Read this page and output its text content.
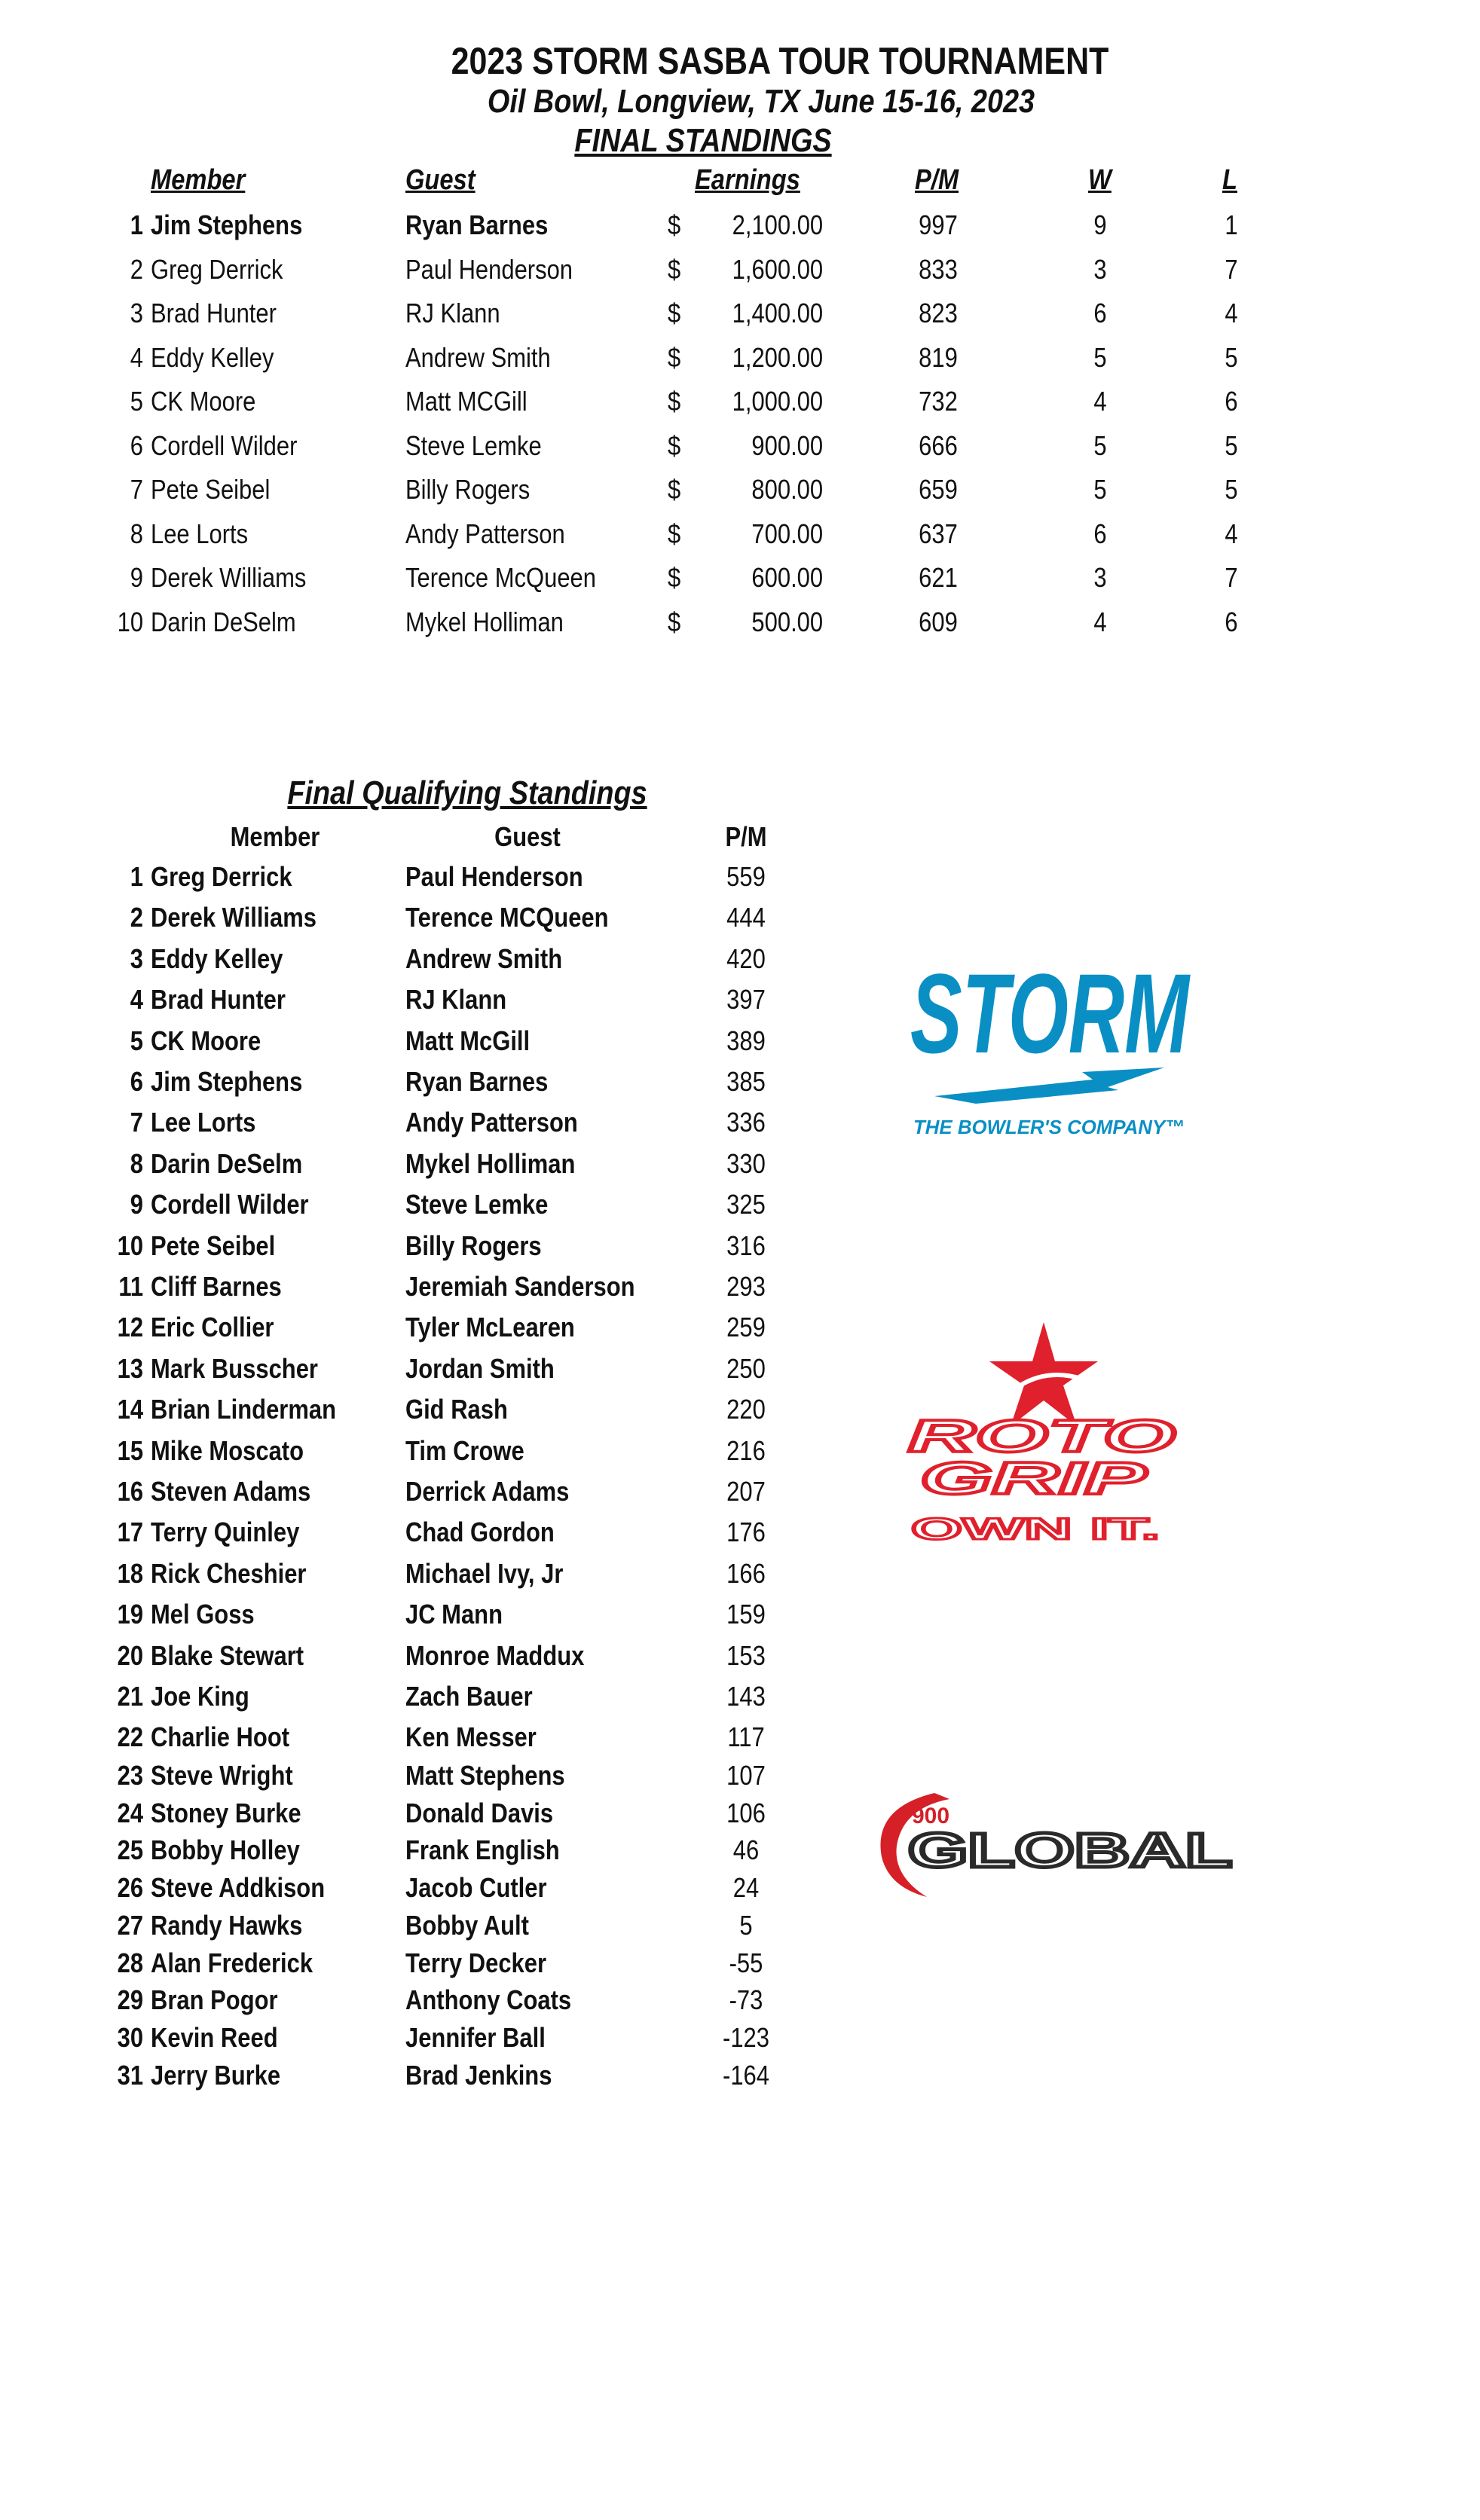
2023 STORM SASBA TOUR TOURNAMENT
Oil Bowl, Longview, TX June 15-16, 2023
FINAL STANDINGS
Member	Guest	Earnings	P/M	W	L
1 Jim Stephens	Ryan Barnes	$ 2,100.00	997	9	1
2 Greg Derrick	Paul Henderson	$ 1,600.00	833	3	7
3 Brad Hunter	RJ Klann	$ 1,400.00	823	6	4
4 Eddy Kelley	Andrew Smith	$ 1,200.00	819	5	5
5 CK Moore	Matt MCGill	$ 1,000.00	732	4	6
6 Cordell Wilder	Steve Lemke	$	900.00	666	5	5
7 Pete Seibel	Billy Rogers	$	800.00	659	5	5
8 Lee Lorts	Andy Patterson	$	700.00	637	6	4
9 Derek Williams	Terence McQueen	$	600.00	621	3	7
10 Darin DeSelm	Mykel Holliman	$	500.00	609	4	6
Final Qualifying Standings
Member	Guest	P/M
1 Greg Derrick	Paul Henderson	559
2 Derek Williams	Terence MCQueen	444
3 Eddy Kelley	Andrew Smith	420
4 Brad Hunter	RJ Klann	397
5 CK Moore	Matt McGill	389
6 Jim Stephens	Ryan Barnes	385
7 Lee Lorts	Andy Patterson	336
8 Darin DeSelm	Mykel Holliman	330
9 Cordell Wilder	Steve Lemke	325
10 Pete Seibel	Billy Rogers	316
11 Cliff Barnes	Jeremiah Sanderson	293
12 Eric Collier	Tyler McLearen	259
13 Mark Busscher	Jordan Smith	250
14 Brian Linderman	Gid Rash	220
15 Mike Moscato	Tim Crowe	216
16 Steven Adams	Derrick Adams	207
17 Terry Quinley	Chad Gordon	176
18 Rick Cheshier	Michael Ivy, Jr	166
19 Mel Goss	JC Mann	159
20 Blake Stewart	Monroe Maddux	153
21 Joe King	Zach Bauer	143
22 Charlie Hoot	Ken Messer	117
23 Steve Wright	Matt Stephens	107
24 Stoney Burke	Donald Davis	106
25 Bobby Holley	Frank English	46
26 Steve Addkison	Jacob Cutler	24
27 Randy Hawks	Bobby Ault	5
28 Alan Frederick	Terry Decker	-55
29 Bran Pogor	Anthony Coats	-73
30 Kevin Reed	Jennifer Ball	-123
31 Jerry Burke	Brad Jenkins	-164
STORM
THE BOWLER'S COMPANY™
ROTO
GRIP
OWN IT.
900
GLOBAL
